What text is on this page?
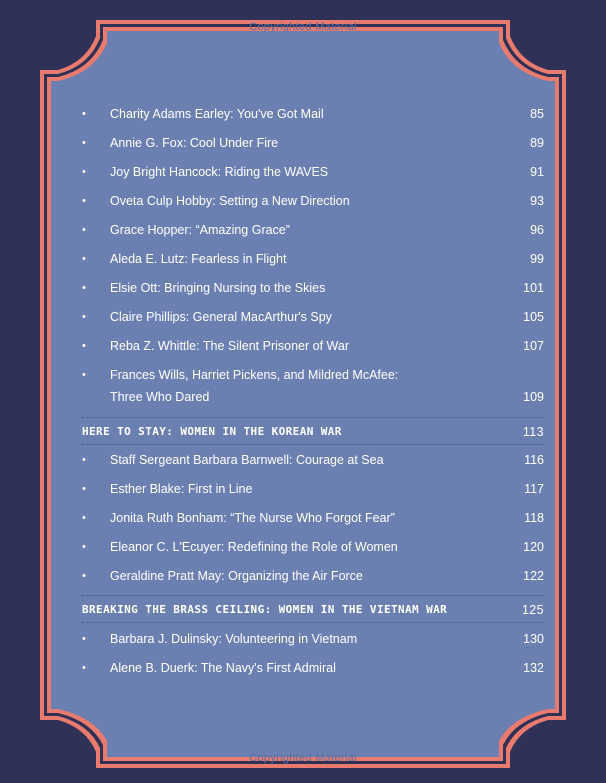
Copyrighted Material
Copyrighted Material
• Charity Adams Earley: You've Got Mail	85
• Annie G. Fox: Cool Under Fire	89
• Joy Bright Hancock: Riding the WAVES	91
• Oveta Culp Hobby: Setting a New Direction	93
• Grace Hopper: “Amazing Grace”	96
• Aleda E. Lutz: Fearless in Flight	99
• Elsie Ott: Bringing Nursing to the Skies	101
• Claire Phillips: General MacArthur's Spy	105
• Reba Z. Whittle: The Silent Prisoner of War	107
• Frances Wills, Harriet Pickens, and Mildred McAfee:
Three Who Dared	109
HERE TO STAY: WOMEN IN THE KOREAN WAR	113
• Staff Sergeant Barbara Barnwell: Courage at Sea	116
• Esther Blake: First in Line	117
• Jonita Ruth Bonham: “The Nurse Who Forgot Fear”	118
• Eleanor C. L'Ecuyer: Redefining the Role of Women	120
• Geraldine Pratt May: Organizing the Air Force	122
BREAKING THE BRASS CEILING: WOMEN IN THE VIETNAM WAR	125
• Barbara J. Dulinsky: Volunteering in Vietnam	130
• Alene B. Duerk: The Navy's First Admiral	132
